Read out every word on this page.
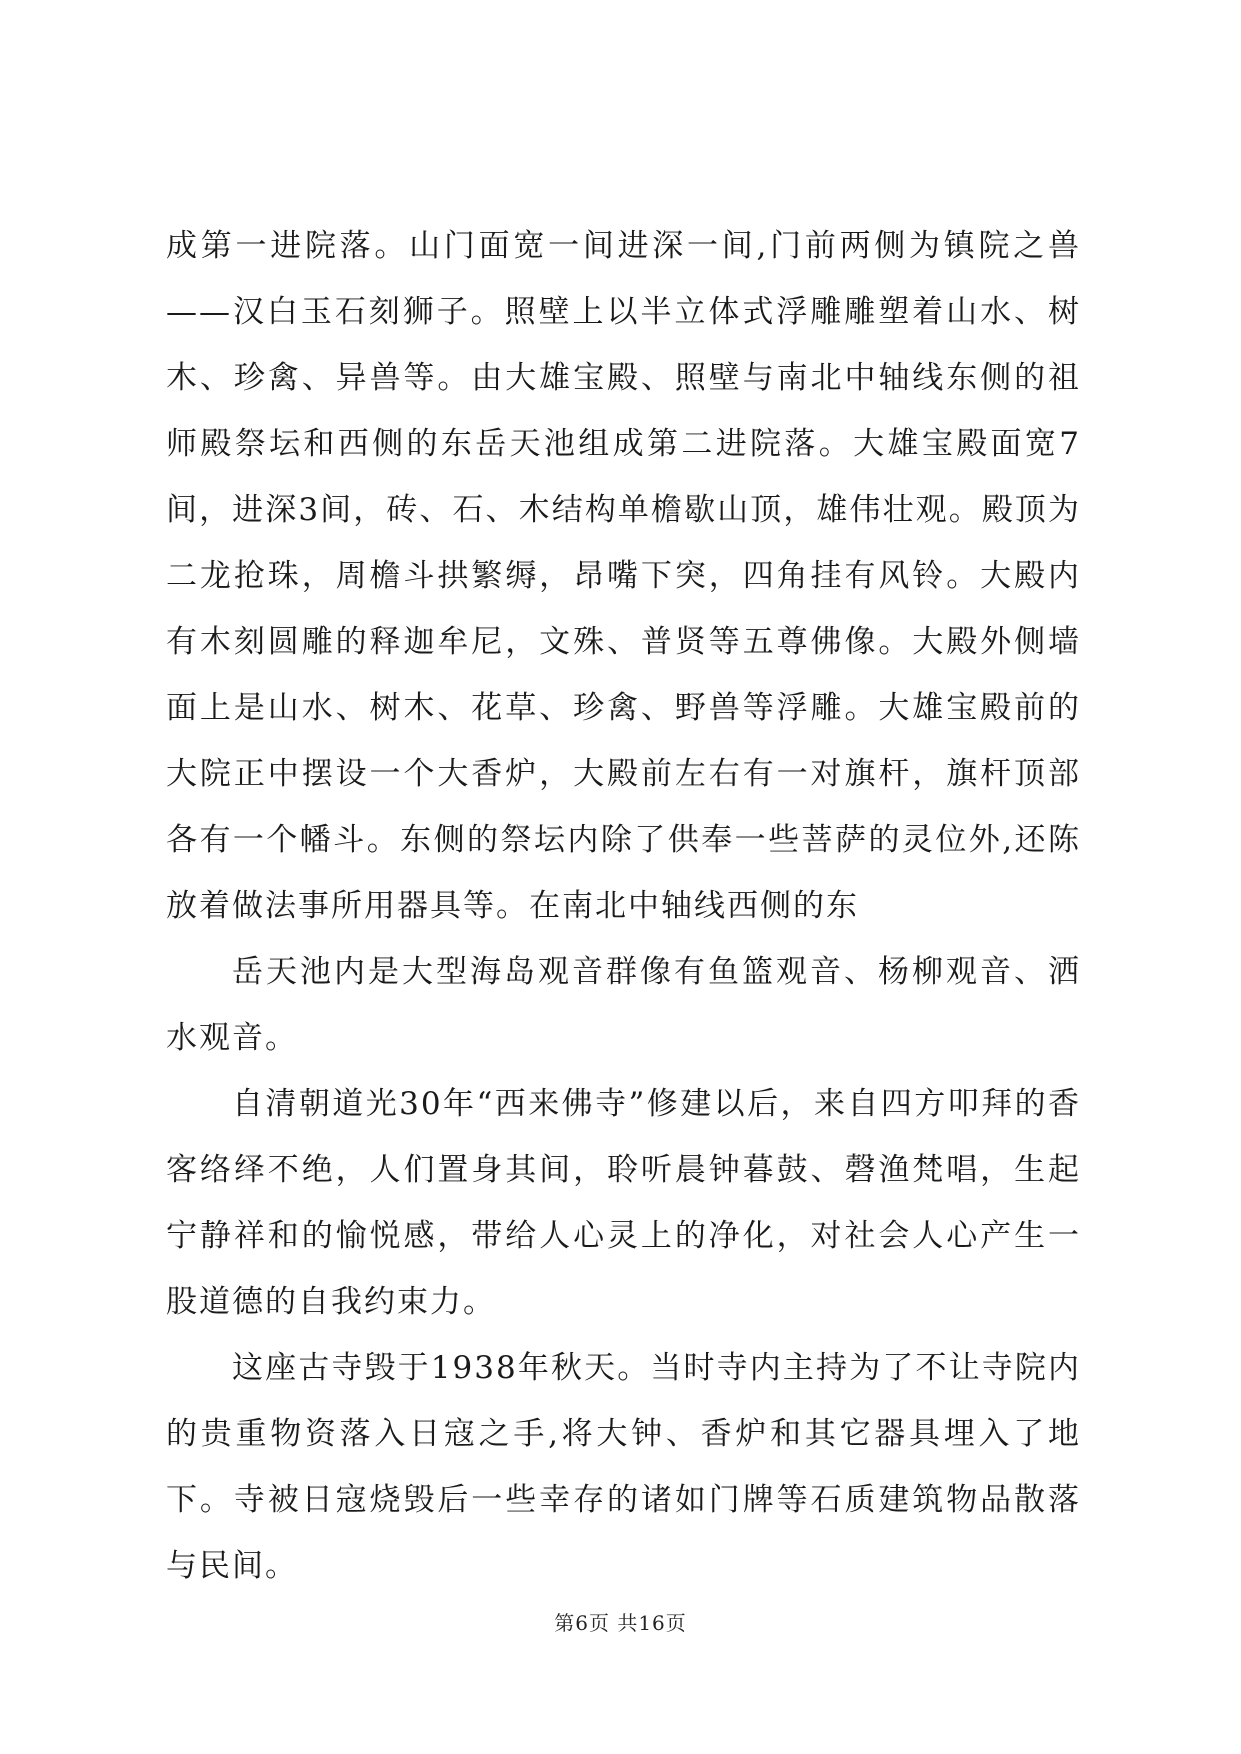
成第一进院落。山门面宽一间进深一间,门前两侧为镇院之兽——汉白玉石刻狮子。照壁上以半立体式浮雕雕塑着山水、树木、珍禽、异兽等。由大雄宝殿、照壁与南北中轴线东侧的祖师殿祭坛和西侧的东岳天池组成第二进院落。大雄宝殿面宽7间，进深3间，砖、石、木结构单檐歇山顶，雄伟壮观。殿顶为二龙抢珠，周檐斗拱繁缛，昂嘴下突，四角挂有风铃。大殿内有木刻圆雕的释迦牟尼，文殊、普贤等五尊佛像。大殿外侧墙面上是山水、树木、花草、珍禽、野兽等浮雕。大雄宝殿前的大院正中摆设一个大香炉，大殿前左右有一对旗杆，旗杆顶部各有一个幡斗。东侧的祭坛内除了供奉一些菩萨的灵位外,还陈放着做法事所用器具等。在南北中轴线西侧的东

岳天池内是大型海岛观音群像有鱼篮观音、杨柳观音、洒水观音。

自清朝道光30年“西来佛寺”修建以后，来自四方叩拜的香客络绎不绝，人们置身其间，聆听晨钟暮鼓、磬渔梵唱，生起宁静祥和的愉悦感，带给人心灵上的净化，对社会人心产生一股道德的自我约束力。

这座古寺毁于1938年秋天。当时寺内主持为了不让寺院内的贵重物资落入日寇之手,将大钟、香炉和其它器具埋入了地下。寺被日寇烧毁后一些幸存的诸如门牌等石质建筑物品散落与民间。

第6页 共16页
